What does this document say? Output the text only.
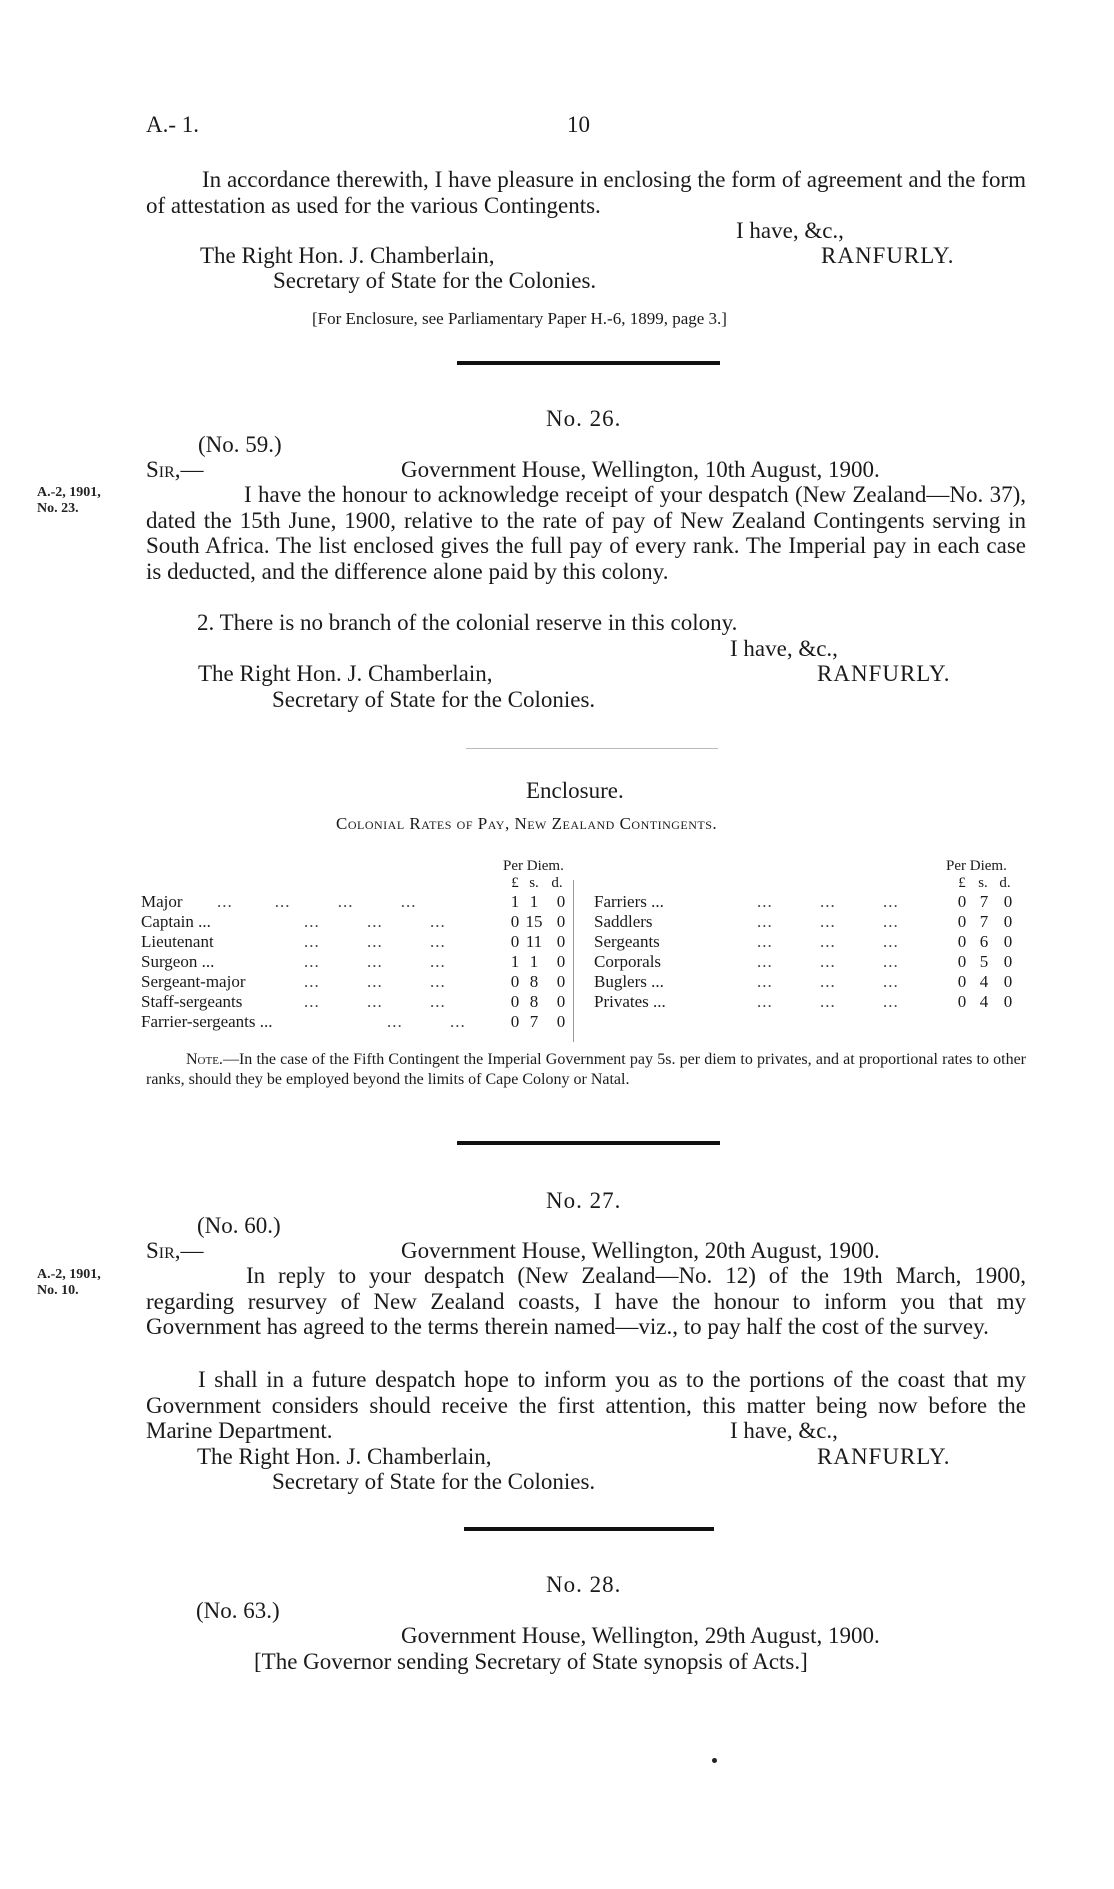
A.- 1.	10
In accordance therewith, I have pleasure in enclosing the form of agreement and the form of attestation as used for the various Contingents.
I have, &c.,
The Right Hon. J. Chamberlain,	RANFURLY.
Secretary of State for the Colonies.
[For Enclosure, see Parliamentary Paper H.-6, 1899, page 3.]
No. 26.
(No. 59.)
Sir,—	Government House, Wellington, 10th August, 1900.
A.-2, 1901,
No. 23.
I have the honour to acknowledge receipt of your despatch (New Zealand—No. 37), dated the 15th June, 1900, relative to the rate of pay of New Zealand Contingents serving in South Africa. The list enclosed gives the full pay of every rank. The Imperial pay in each case is deducted, and the difference alone paid by this colony.
2. There is no branch of the colonial reserve in this colony.
I have, &c.,
The Right Hon. J. Chamberlain,	RANFURLY.
Secretary of State for the Colonies.
Enclosure.
Colonial Rates of Pay, New Zealand Contingents.
Per Diem.	Per Diem.
£ s. d.	£ s. d.
Major ...        ...         ...         ...	1 1	0
Captain ...	...         ...         ...	0 15 0
Lieutenant	...         ...         ...	0 11 0
Surgeon ...	...         ...         ...	1 1	0
Sergeant-major	...         ...         ...	0 8	0
Staff-sergeants	...         ...         ...	0 8	0
Farrier-sergeants ...	...         ...	0 7	0
Farriers ...	...         ...         ...	0 7 0
Saddlers	...         ...         ...	0 7 0
Sergeants	...         ...         ...	0 6 0
Corporals	...         ...         ...	0 5 0
Buglers ...	...         ...         ...	0 4 0
Privates ...	...         ...         ...	0 4 0
Note.—In the case of the Fifth Contingent the Imperial Government pay 5s. per diem to privates, and at proportional rates to other ranks, should they be employed beyond the limits of Cape Colony or Natal.
No. 27.
(No. 60.)
Sir,—	Government House, Wellington, 20th August, 1900.
A.-2, 1901,
No. 10.
In reply to your despatch (New Zealand—No. 12) of the 19th March, 1900, regarding resurvey of New Zealand coasts, I have the honour to inform you that my Government has agreed to the terms therein named—viz., to pay half the cost of the survey.
I shall in a future despatch hope to inform you as to the portions of the coast that my Government considers should receive the first attention, this matter being now before the Marine Department.	I have, &c.,
The Right Hon. J. Chamberlain,	RANFURLY.
Secretary of State for the Colonies.
No. 28.
(No. 63.)
Government House, Wellington, 29th August, 1900.
[The Governor sending Secretary of State synopsis of Acts.]
